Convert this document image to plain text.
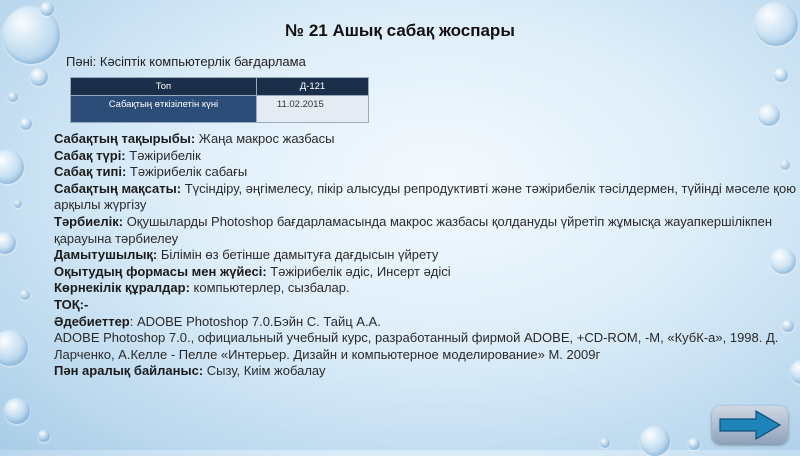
№ 21 Ашық сабақ жоспары
Пәні: Кәсіптік компьютерлік бағдарлама
Топ	Д-121
Сабақтың өткізілетін күні	11.02.2015

Сабақтың тақырыбы: Жаңа макрос жазбасы

Сабақ түрі: Тәжірибелік

Сабақ типі: Тәжірибелік сабағы

Сабақтың мақсаты: Түсіндіру, әңгімелесу, пікір алысуды репродуктивті және тәжірибелік тәсілдермен, түйінді мәселе қою арқылы жүргізу

Тәрбиелік: Оқушыларды Photoshop бағдарламасында макрос жазбасы қолдануды үйретіп жұмысқа жауапкершілікпен қарауына тәрбиелеу

Дамытушылық: Білімін өз бетінше дамытуға дағдысын үйрету

Оқытудың формасы мен жүйесі: Тәжірибелік әдіс, Инсерт әдісі

Көрнекілік құралдар: компьютерлер, сызбалар.

ТОҚ:-

Әдебиеттер: ADOBE Photoshop 7.0.Бэйн С. Тайц А.А.

ADOBE Photoshop 7.0., официальный учебный курс, разработанный фирмой ADOBE, +CD-ROM, -М, «КубК-а», 1998. Д. Ларченко, А.Келле - Пелле «Интерьер. Дизайн и компьютерное моделирование» М. 2009г

Пән аралық байланыс: Сызу, Киім жобалау
